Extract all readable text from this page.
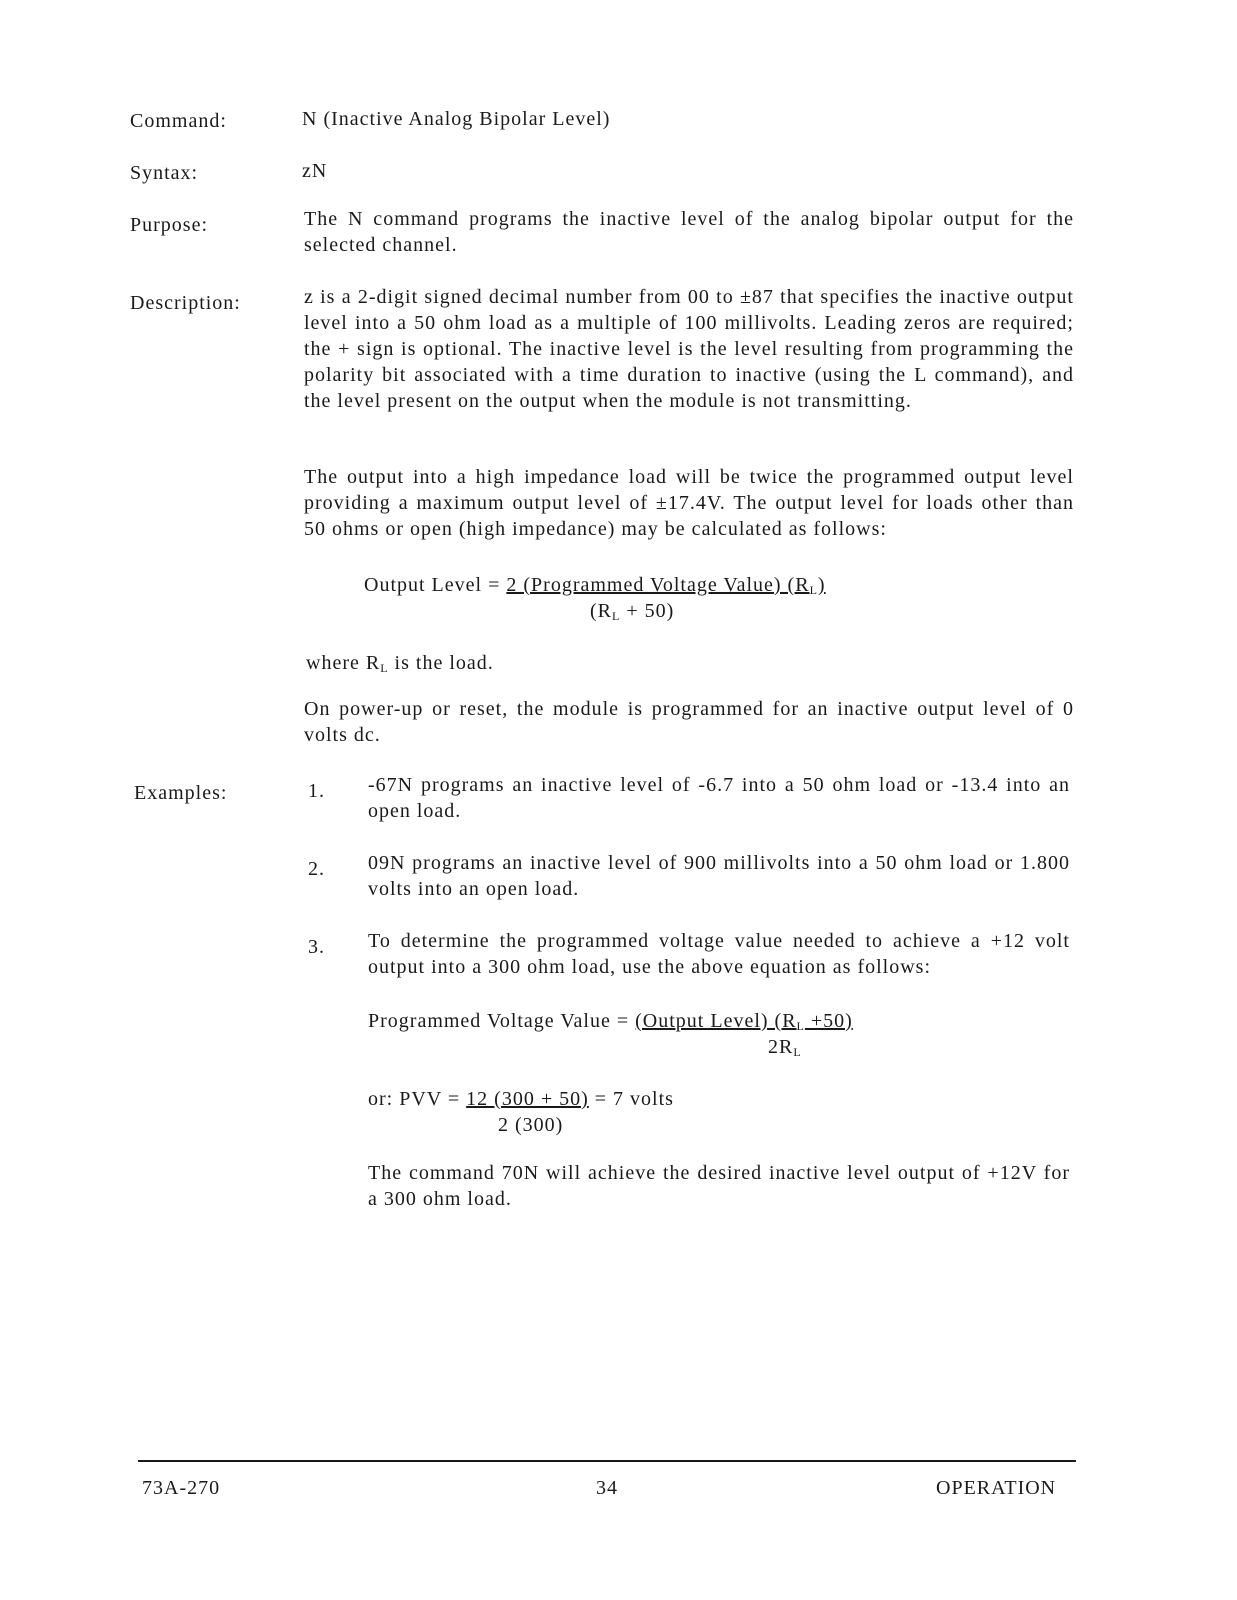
Command:	N (Inactive Analog Bipolar Level)
Syntax:	zN
Purpose:	The N command programs the inactive level of the analog bipolar output for the selected channel.
Description:	z is a 2-digit signed decimal number from 00 to ±87 that specifies the inactive output level into a 50 ohm load as a multiple of 100 millivolts. Leading zeros are required; the + sign is optional. The inactive level is the level resulting from programming the polarity bit associated with a time duration to inactive (using the L command), and the level present on the output when the module is not transmitting.
The output into a high impedance load will be twice the programmed output level providing a maximum output level of ±17.4V. The output level for loads other than 50 ohms or open (high impedance) may be calculated as follows:
Output Level = 2 (Programmed Voltage Value) $(R_L)$
$(R_L + 50)$
where $R_L$ is the load.
On power-up or reset, the module is programmed for an inactive output level of 0 volts dc.
Examples:	1. -67N programs an inactive level of -6.7 into a 50 ohm load or -13.4 into an open load.
2. 09N programs an inactive level of 900 millivolts into a 50 ohm load or 1.800 volts into an open load.
3. To determine the programmed voltage value needed to achieve a +12 volt output into a 300 ohm load, use the above equation as follows:
Programmed Voltage Value = (Output Level) $(R_L +50)$
$2R_L$
or: PVV = 12 (300 + 50) = 7 volts
2 (300)
The command 70N will achieve the desired inactive level output of +12V for a 300 ohm load.
73A-270	34	OPERATION
